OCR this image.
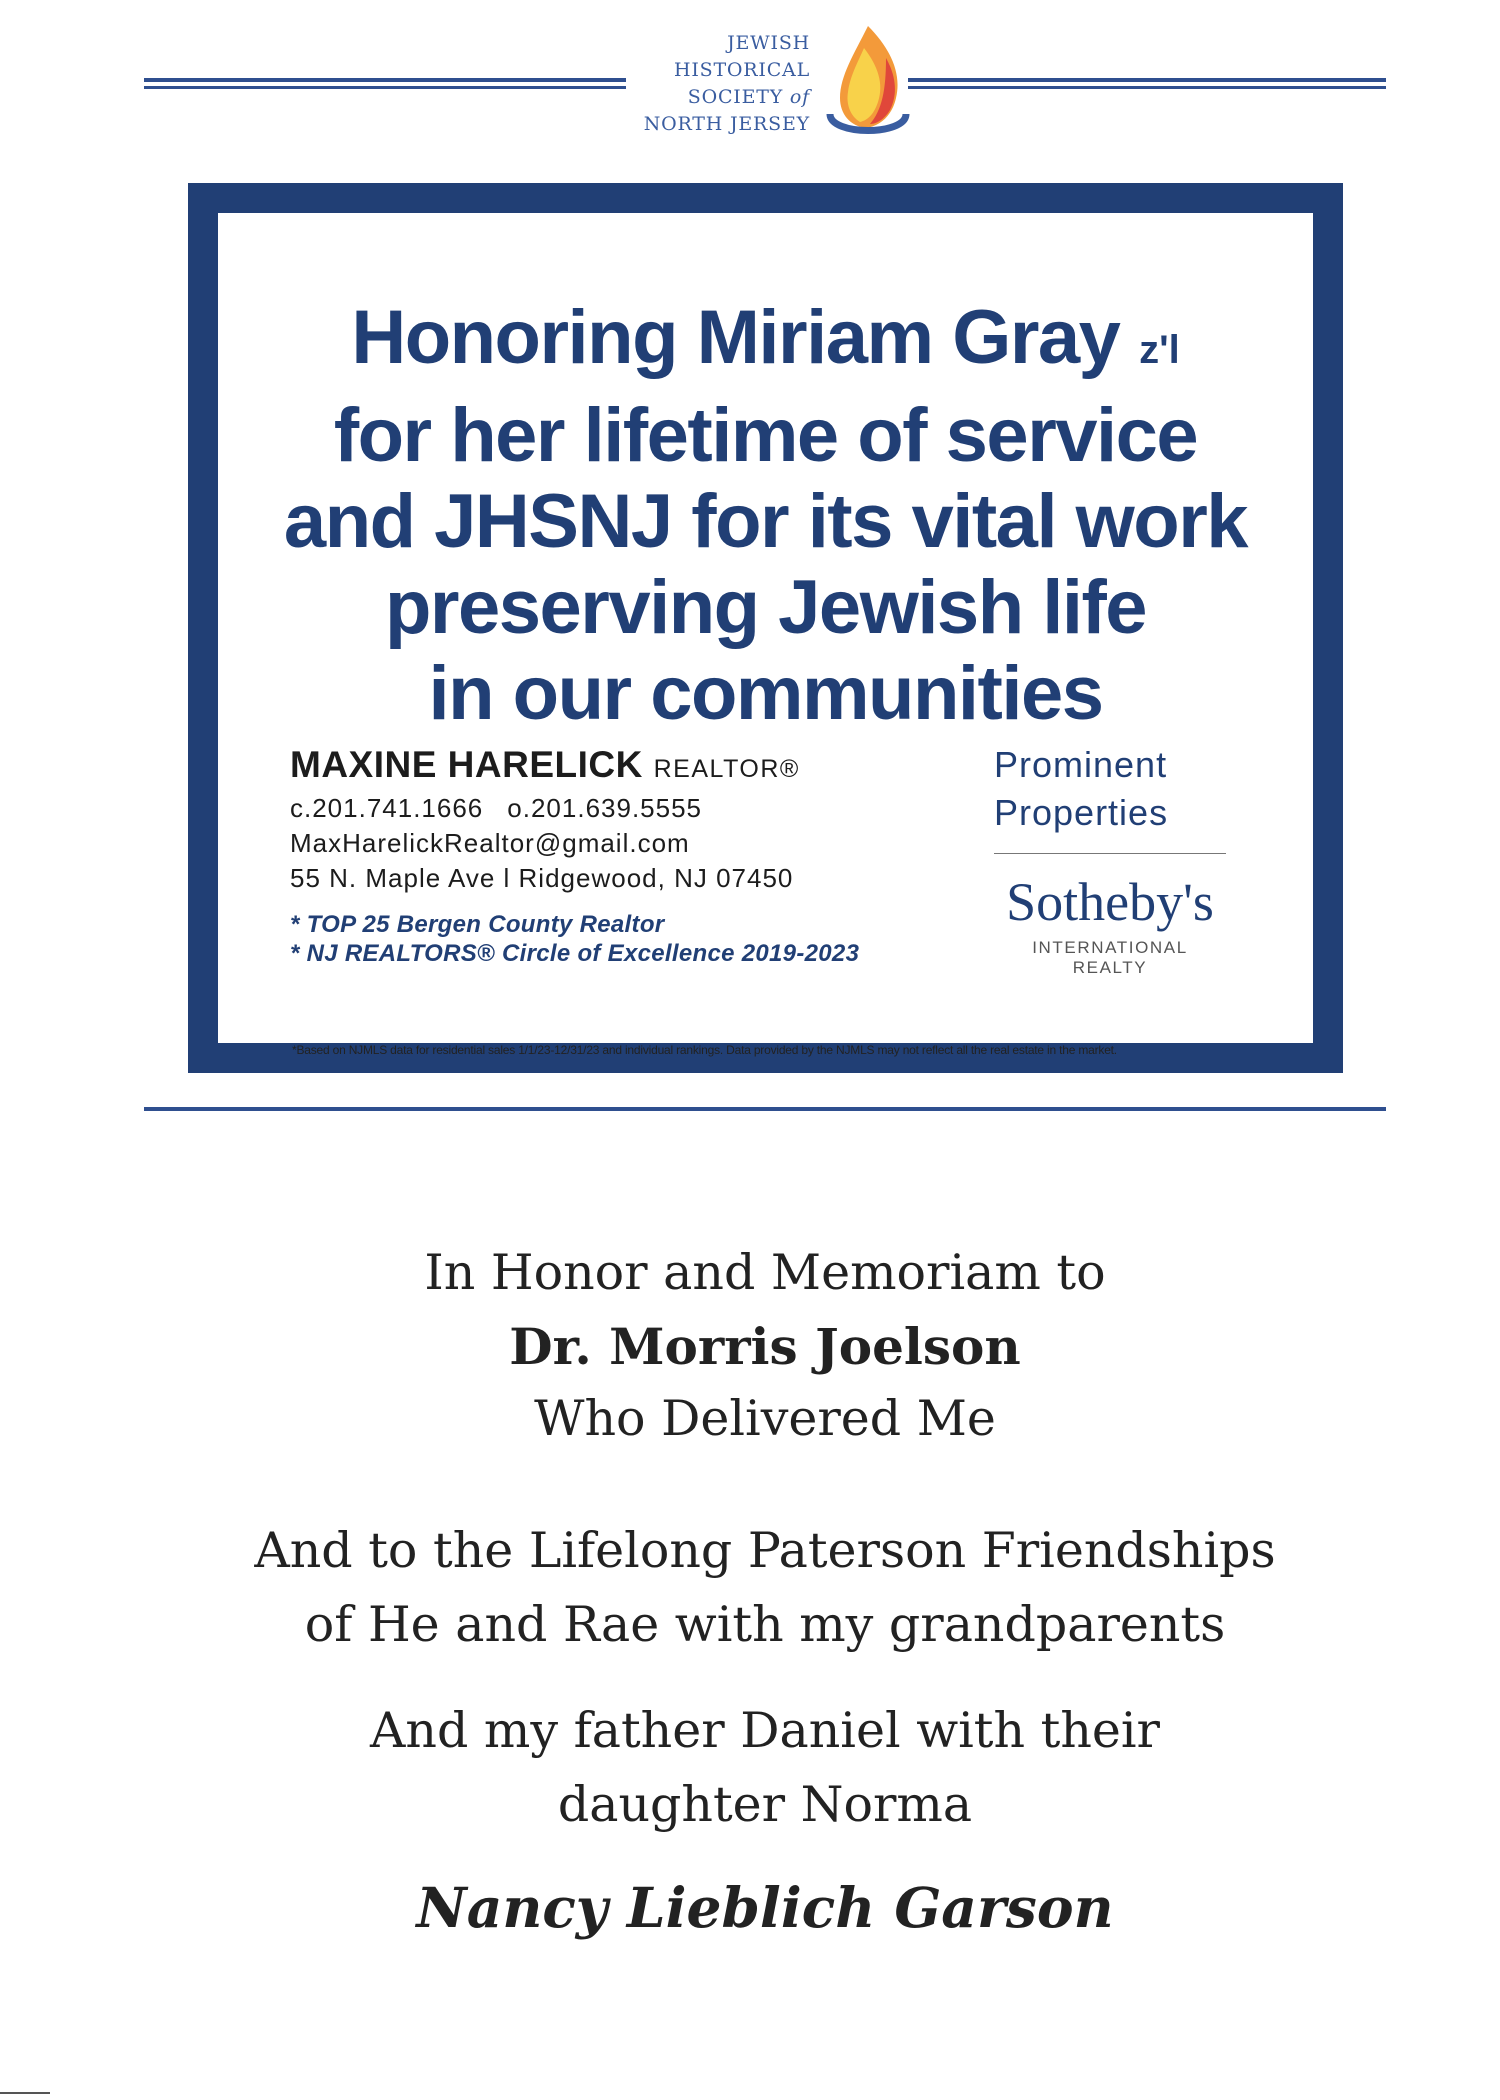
JEWISH
HISTORICAL
SOCIETY of
NORTH JERSEY
Honoring Miriam Gray z'l
for her lifetime of service
and JHSNJ for its vital work
preserving Jewish life
in our communities
MAXINE HARELICK REALTOR®
c.201.741.1666 o.201.639.5555
MaxHarelickRealtor@gmail.com
55 N. Maple Ave l Ridgewood, NJ 07450
* TOP 25 Bergen County Realtor
* NJ REALTORS® Circle of Excellence 2019-2023
Prominent
Properties
Sotheby's
INTERNATIONAL REALTY
*Based on NJMLS data for residential sales 1/1/23-12/31/23 and individual rankings. Data provided by the NJMLS may not reflect all the real estate in the market.

In Honor and Memoriam to

Dr. Morris Joelson

Who Delivered Me

And to the Lifelong Paterson Friendships

of He and Rae with my grandparents

And my father Daniel with their

daughter Norma

Nancy Lieblich Garson
